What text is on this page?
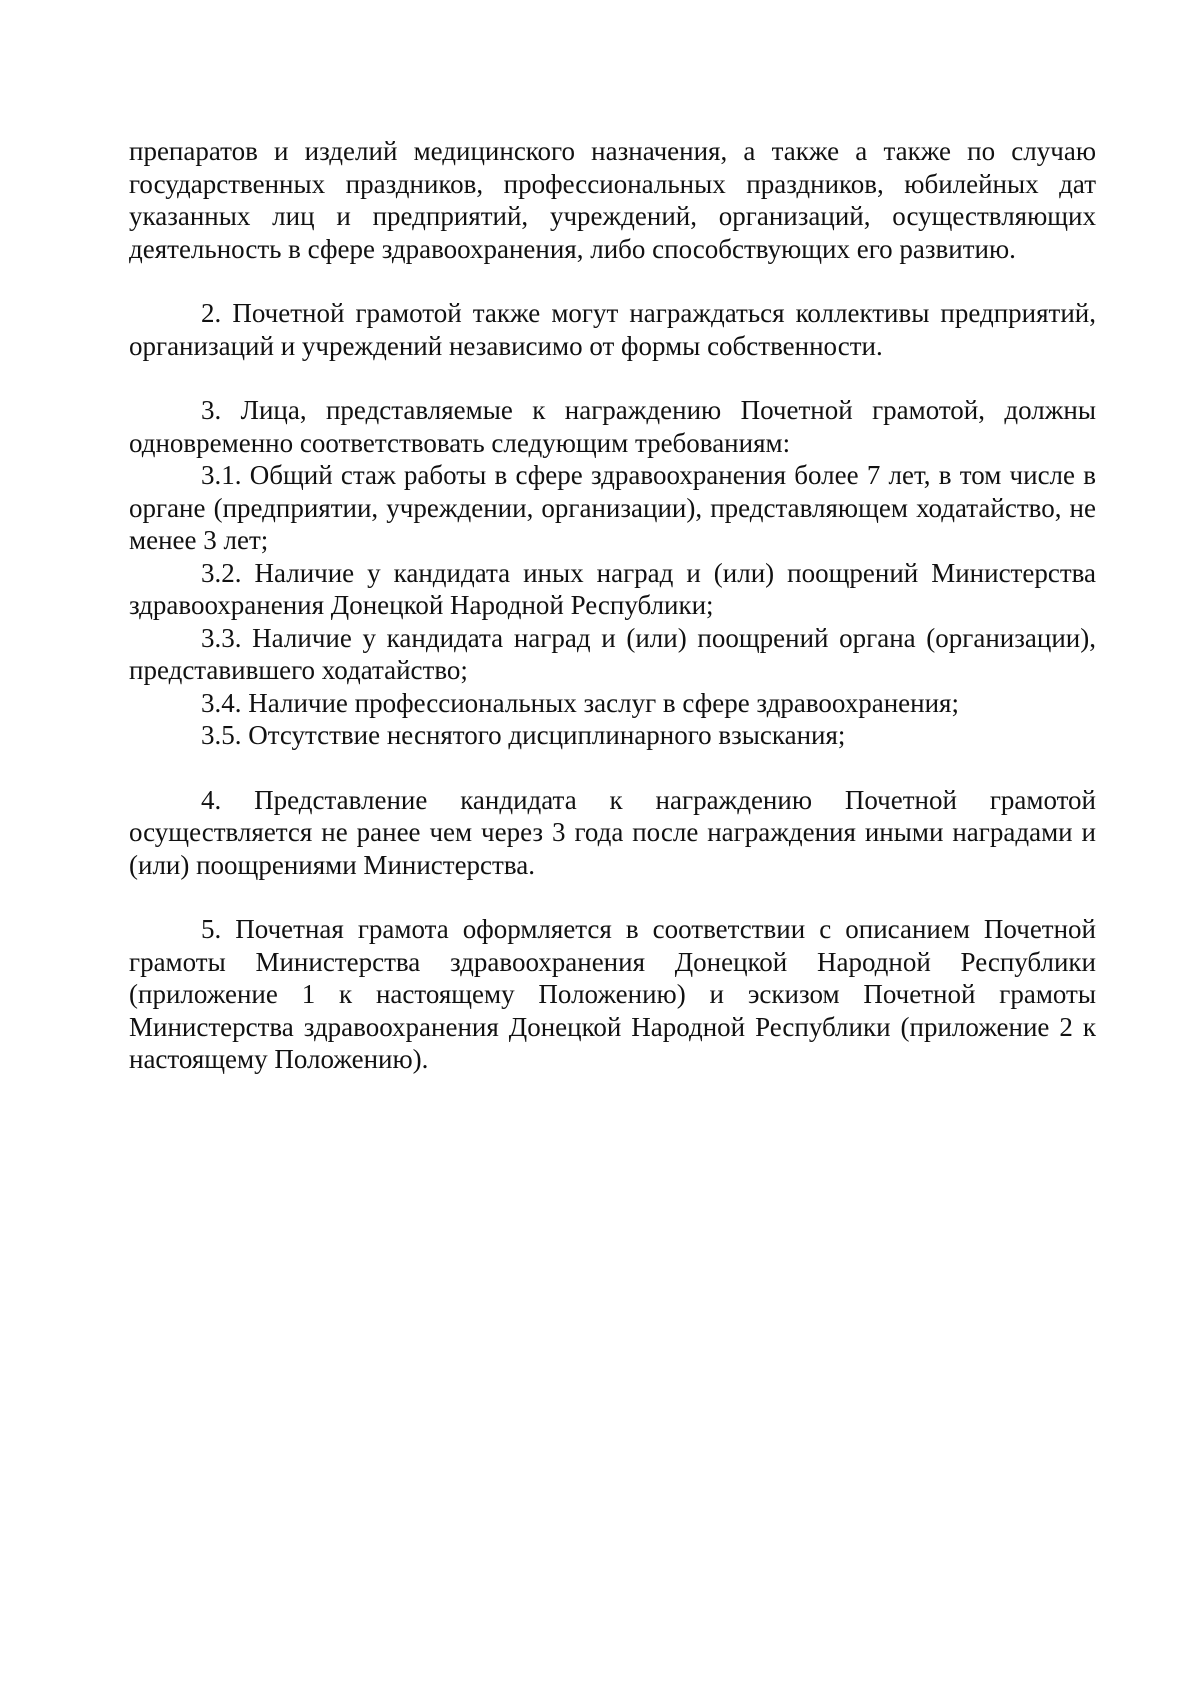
препаратов и изделий медицинского назначения, а также а также по случаю государственных праздников, профессиональных праздников, юбилейных дат указанных лиц и предприятий, учреждений, организаций, осуществляющих деятельность в сфере здравоохранения, либо способствующих его развитию.

2. Почетной грамотой также могут награждаться коллективы предприятий, организаций и учреждений независимо от формы собственности.

3. Лица, представляемые к награждению Почетной грамотой, должны одновременно соответствовать следующим требованиям:

3.1. Общий стаж работы в сфере здравоохранения более 7 лет, в том числе в органе (предприятии, учреждении, организации), представляющем ходатайство, не менее 3 лет;

3.2. Наличие у кандидата иных наград и (или) поощрений Министерства здравоохранения Донецкой Народной Республики;

3.3. Наличие у кандидата наград и (или) поощрений органа (организации), представившего ходатайство;

3.4. Наличие профессиональных заслуг в сфере здравоохранения;

3.5. Отсутствие неснятого дисциплинарного взыскания;

4. Представление кандидата к награждению Почетной грамотой осуществляется не ранее чем через 3 года после награждения иными наградами и (или) поощрениями Министерства.

5. Почетная грамота оформляется в соответствии с описанием Почетной грамоты Министерства здравоохранения Донецкой Народной Республики (приложение 1 к настоящему Положению) и эскизом Почетной грамоты Министерства здравоохранения Донецкой Народной Республики (приложение 2 к настоящему Положению).
